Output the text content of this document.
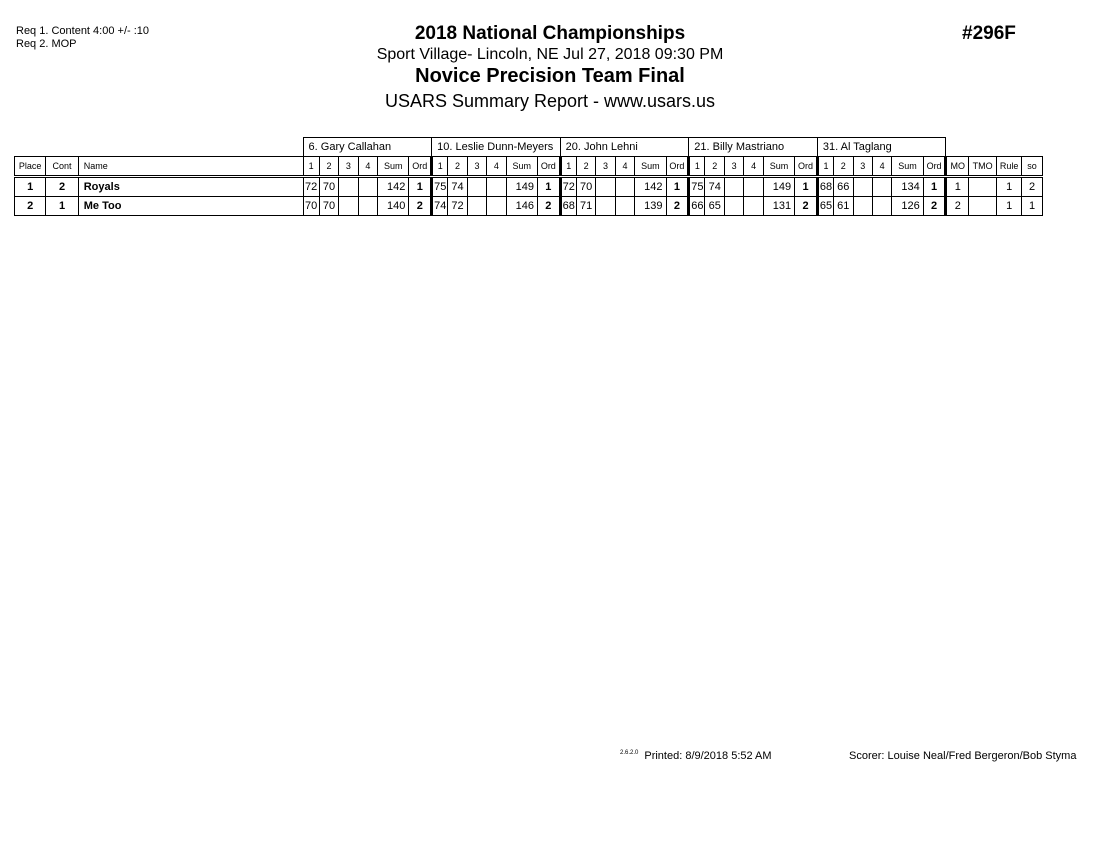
Req 1. Content 4:00 +/- :10
Req 2. MOP	2018 National Championships
Sport Village- Lincoln, NE Jul 27, 2018 09:30 PM
Novice Precision Team Final
USARS Summary Report - www.usars.us
#296F
			6. Gary Callahan						10. Leslie Dunn-Meyers						20. John Lehni						21. Billy Mastriano						31. Al Taglang									
Place	Cont	Name	1	2	3	4	Sum	Ord	1	2	3	4	Sum	Ord	1	2	3	4	Sum	Ord	1	2	3	4	Sum	Ord	1	2	3	4	Sum	Ord	MO	TMO	Rule	so
1	2	Royals	72	70			142	1	75	74			149	1	72	70			142	1	75	74			149	1	68	66			134	1	1		1	2
2	1	Me Too	70	70			140	2	74	72			146	2	68	71			139	2	66	65			131	2	65	61			126	2	2		1	1
$^{2.6.2.0}$ Printed: 8/9/2018 5:52 AM	Scorer: Louise Neal/Fred Bergeron/Bob Styma
